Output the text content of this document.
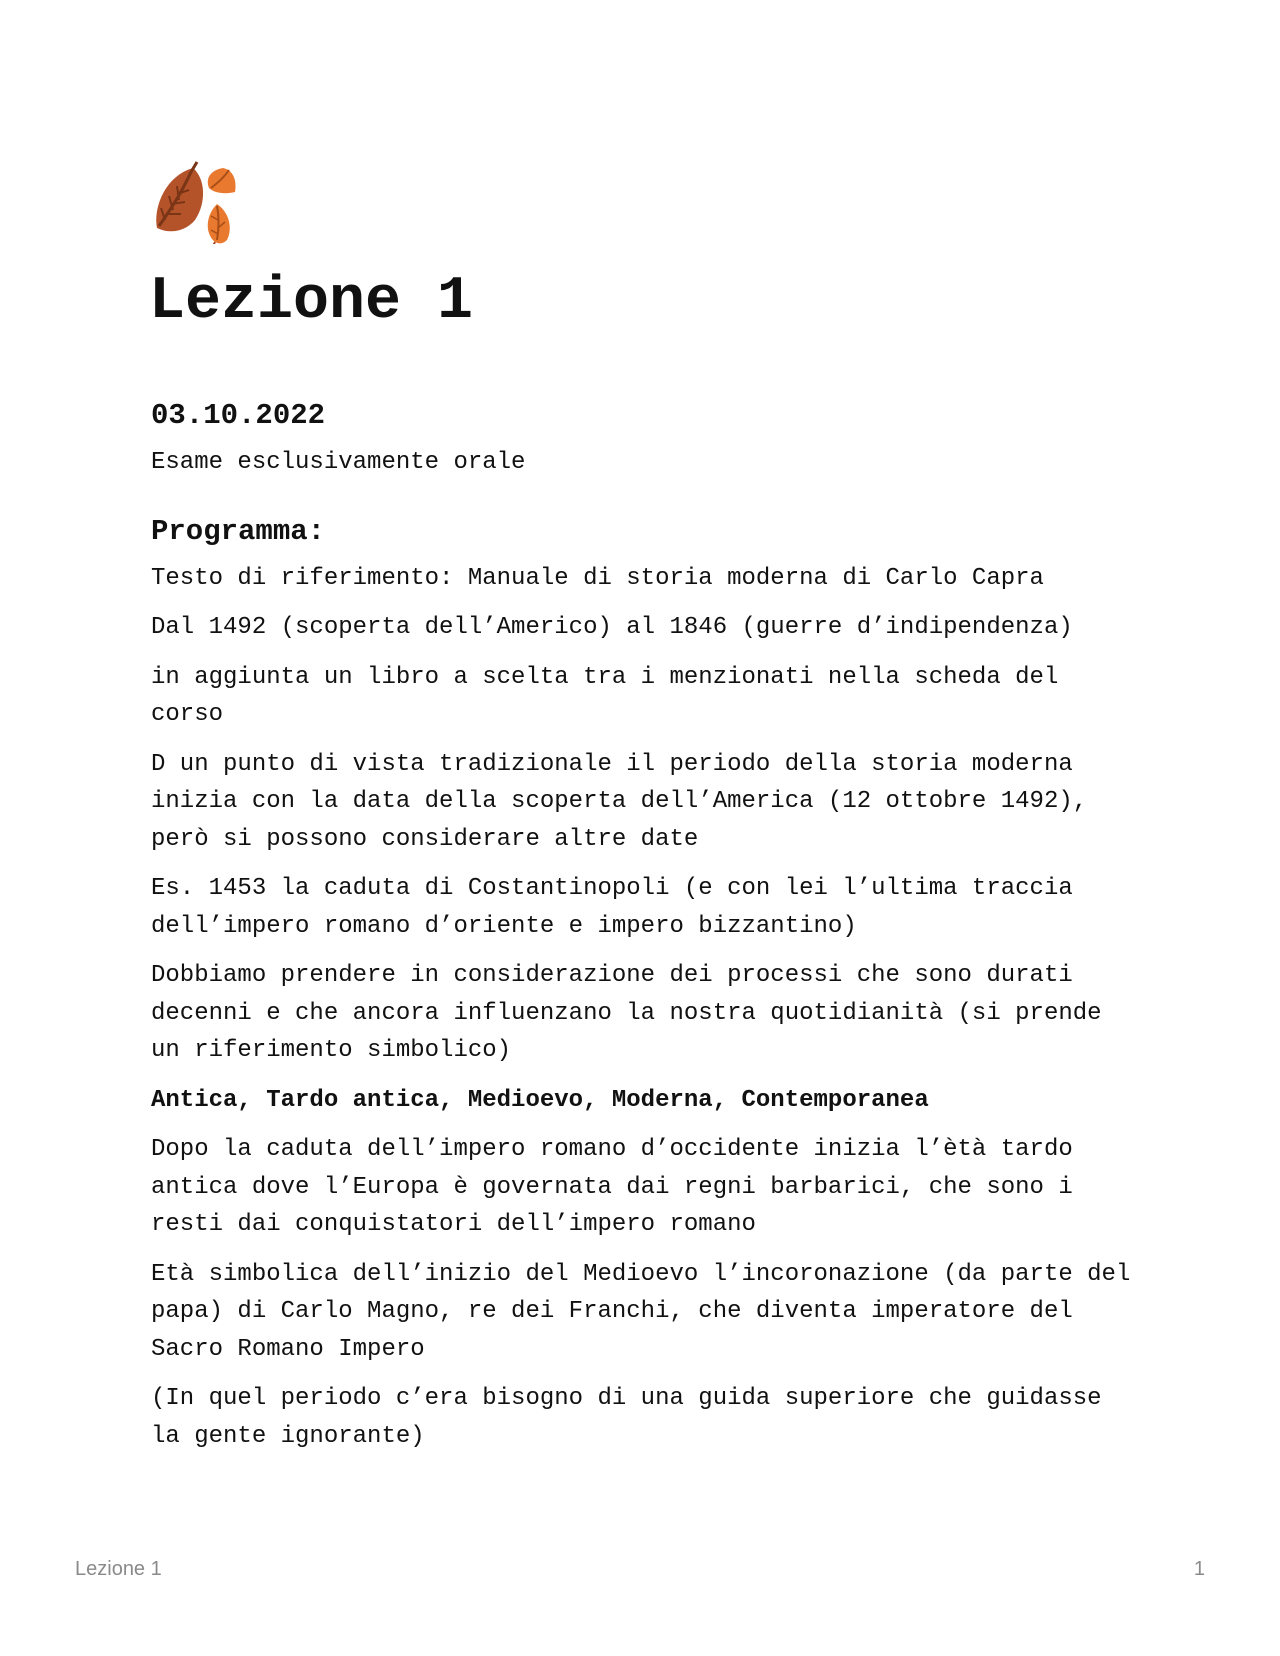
Lezione 1
03.10.2022

Esame esclusivamente orale

Programma:

Testo di riferimento: Manuale di storia moderna di Carlo Capra

Dal 1492 (scoperta dell’Americo) al 1846 (guerre d’indipendenza)

in aggiunta un libro a scelta tra i menzionati nella scheda del corso

D un punto di vista tradizionale il periodo della storia moderna inizia con la data della scoperta dell’America (12 ottobre 1492), però si possono considerare altre date

Es. 1453 la caduta di Costantinopoli (e con lei l’ultima traccia dell’impero romano d’oriente e impero bizzantino)

Dobbiamo prendere in considerazione dei processi che sono durati decenni e che ancora influenzano la nostra quotidianità (si prende un riferimento simbolico)

Antica, Tardo antica, Medioevo, Moderna, Contemporanea

Dopo la caduta dell’impero romano d’occidente inizia l’ètà tardo antica dove l’Europa è governata dai regni barbarici, che sono i resti dai conquistatori dell’impero romano

Età simbolica dell’inizio del Medioevo l’incoronazione (da parte del papa) di Carlo Magno, re dei Franchi, che diventa imperatore del Sacro Romano Impero

(In quel periodo c’era bisogno di una guida superiore che guidasse la gente ignorante)

Lezione 1	1
